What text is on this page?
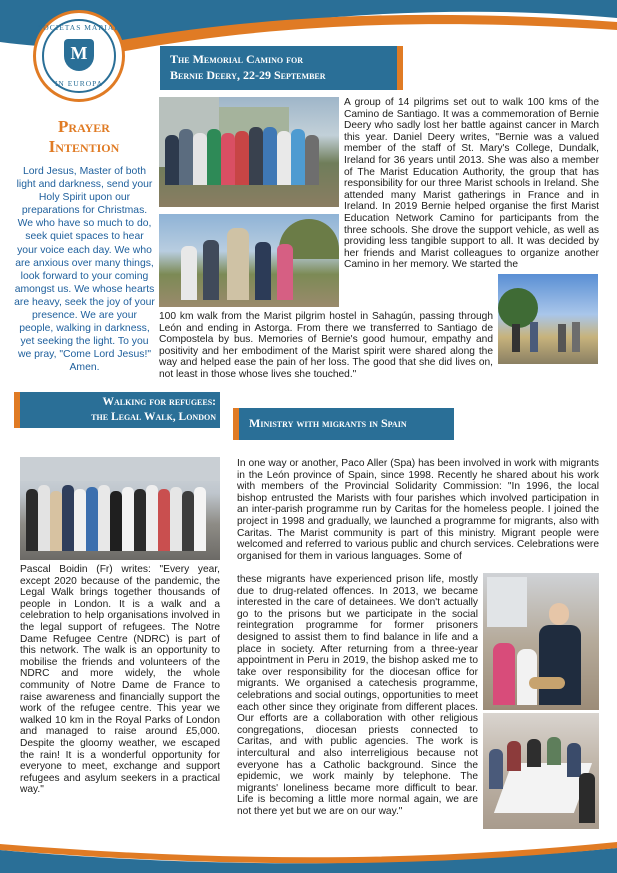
SOCIETAS MARIAE
M
IN EUROPA
Prayer
Intention
Lord Jesus, Master of both light and darkness, send your Holy Spirit upon our preparations for Christmas. We who have so much to do, seek quiet spaces to hear your voice each day. We who are anxious over many things, look forward to your coming amongst us. We whose hearts are heavy, seek the joy of your presence. We are your people, walking in darkness, yet seeking the light. To you we pray, "Come Lord Jesus!" Amen.
The Memorial Camino for
Bernie Deery, 22-29 September
A group of 14 pilgrims set out to walk 100 kms of the Camino de Santiago. It was a commemoration of Bernie Deery who sadly lost her battle against cancer in March this year. Daniel Deery writes, "Bernie was a valued member of the staff of St. Mary's College, Dundalk, Ireland for 36 years until 2013. She was also a member of The Marist Education Authority, the group that has responsibility for our three Marist schools in Ireland. She attended many Marist gatherings in France and in Ireland. In 2019 Bernie helped organise the first Marist Education Network Camino for participants from the three schools. She drove the support vehicle, as well as providing less tangible support to all. It was decided by her friends and Marist colleagues to organize another Camino in her memory. We started the
100 km walk from the Marist pilgrim hostel in Sahagún, passing through León and ending in Astorga. From there we transferred to Santiago de Compostela by bus. Memories of Bernie's good humour, empathy and positivity and her embodiment of the Marist spirit were shared along the way and helped ease the pain of her loss. The good that she did lives on, not least in those whose lives she touched."
Walking for refugees:
the Legal Walk, London
Pascal Boidin (Fr) writes: "Every year, except 2020 because of the pandemic, the Legal Walk brings together thousands of people in London. It is a walk and a celebration to help organisations involved in the legal support of refugees. The Notre Dame Refugee Centre (NDRC) is part of this network. The walk is an opportunity to mobilise the friends and volunteers of the NDRC and more widely, the whole community of Notre Dame de France to raise awareness and financially support the work of the refugee centre. This year we walked 10 km in the Royal Parks of London and managed to raise around £5,000. Despite the gloomy weather, we escaped the rain! It is a wonderful opportunity for everyone to meet, exchange and support refugees and asylum seekers in a practical way."
Ministry with migrants in Spain
In one way or another, Paco Aller (Spa) has been involved in work with migrants in the León province of Spain, since 1998. Recently he shared about his work with members of the Provincial Solidarity Commission: "In 1996, the local bishop entrusted the Marists with four parishes which involved participation in an inter-parish programme run by Caritas for the homeless people. I joined the project in 1998 and gradually, we launched a programme for migrants, also with Caritas. The Marist community is part of this ministry. Migrant people were welcomed and referred to various public and church services. Celebrations were organised for them in various languages. Some of
these migrants have experienced prison life, mostly due to drug-related offences. In 2013, we became interested in the care of detainees. We don't actually go to the prisons but we participate in the social reintegration programme for former prisoners designed to assist them to find balance in life and a place in society. After returning from a three-year appointment in Peru in 2019, the bishop asked me to take over responsibility for the diocesan office for migrants. We organised a catechesis programme, celebrations and social outings, opportunities to meet each other since they originate from different places. Our efforts are a collaboration with other religious congregations, diocesan priests connected to Caritas, and with public agencies. The work is intercultural and also interreligious because not everyone has a Catholic background. Since the epidemic, we work mainly by telephone. The migrants' loneliness became more difficult to bear. Life is becoming a little more normal again, we are not there yet but we are on our way."
